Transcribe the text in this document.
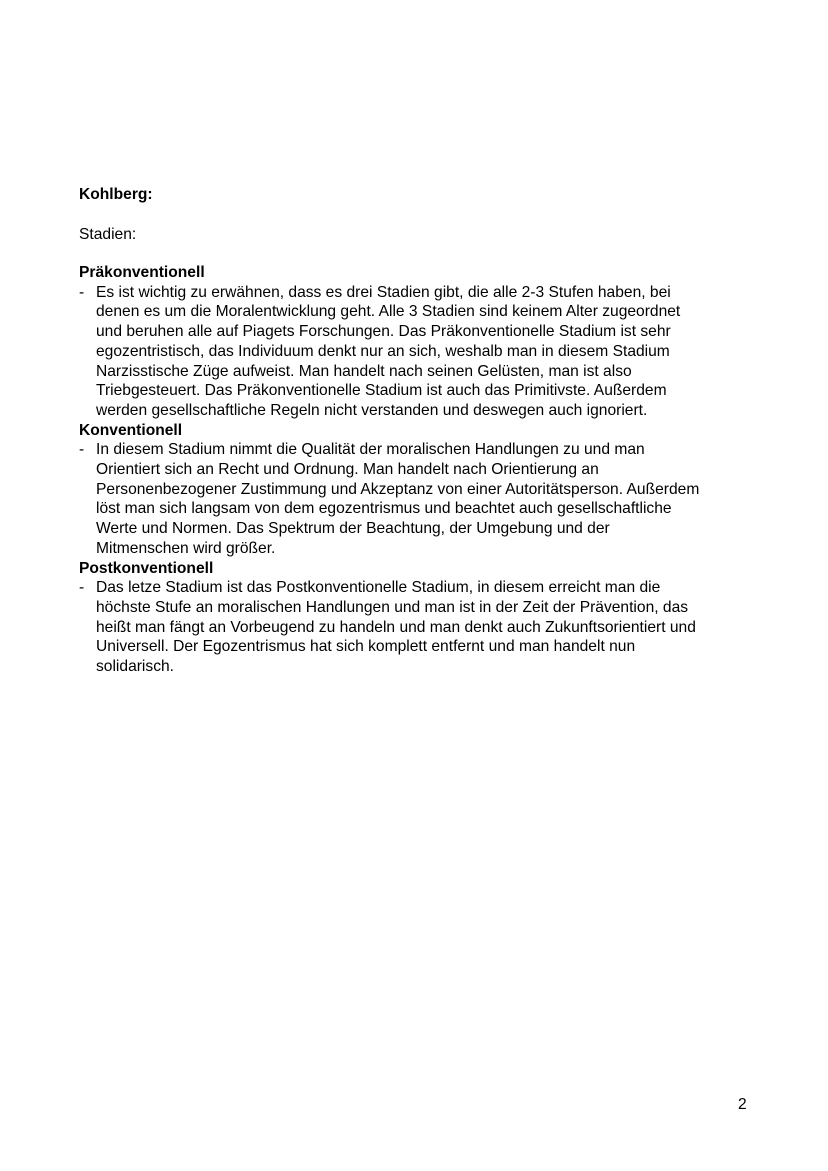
Kohlberg:
Stadien:
Präkonventionell
- Es ist wichtig zu erwähnen, dass es drei Stadien gibt, die alle 2-3 Stufen haben, bei
denen es um die Moralentwicklung geht. Alle 3 Stadien sind keinem Alter zugeordnet
und beruhen alle auf Piagets Forschungen. Das Präkonventionelle Stadium ist sehr
egozentristisch, das Individuum denkt nur an sich, weshalb man in diesem Stadium
Narzisstische Züge aufweist. Man handelt nach seinen Gelüsten, man ist also
Triebgesteuert. Das Präkonventionelle Stadium ist auch das Primitivste. Außerdem
werden gesellschaftliche Regeln nicht verstanden und deswegen auch ignoriert.
Konventionell
- In diesem Stadium nimmt die Qualität der moralischen Handlungen zu und man
Orientiert sich an Recht und Ordnung. Man handelt nach Orientierung an
Personenbezogener Zustimmung und Akzeptanz von einer Autoritätsperson. Außerdem
löst man sich langsam von dem egozentrismus und beachtet auch gesellschaftliche
Werte und Normen. Das Spektrum der Beachtung, der Umgebung und der
Mitmenschen wird größer.
Postkonventionell
- Das letze Stadium ist das Postkonventionelle Stadium, in diesem erreicht man die
höchste Stufe an moralischen Handlungen und man ist in der Zeit der Prävention, das
heißt man fängt an Vorbeugend zu handeln und man denkt auch Zukunftsorientiert und
Universell. Der Egozentrismus hat sich komplett entfernt und man handelt nun
solidarisch.
2
